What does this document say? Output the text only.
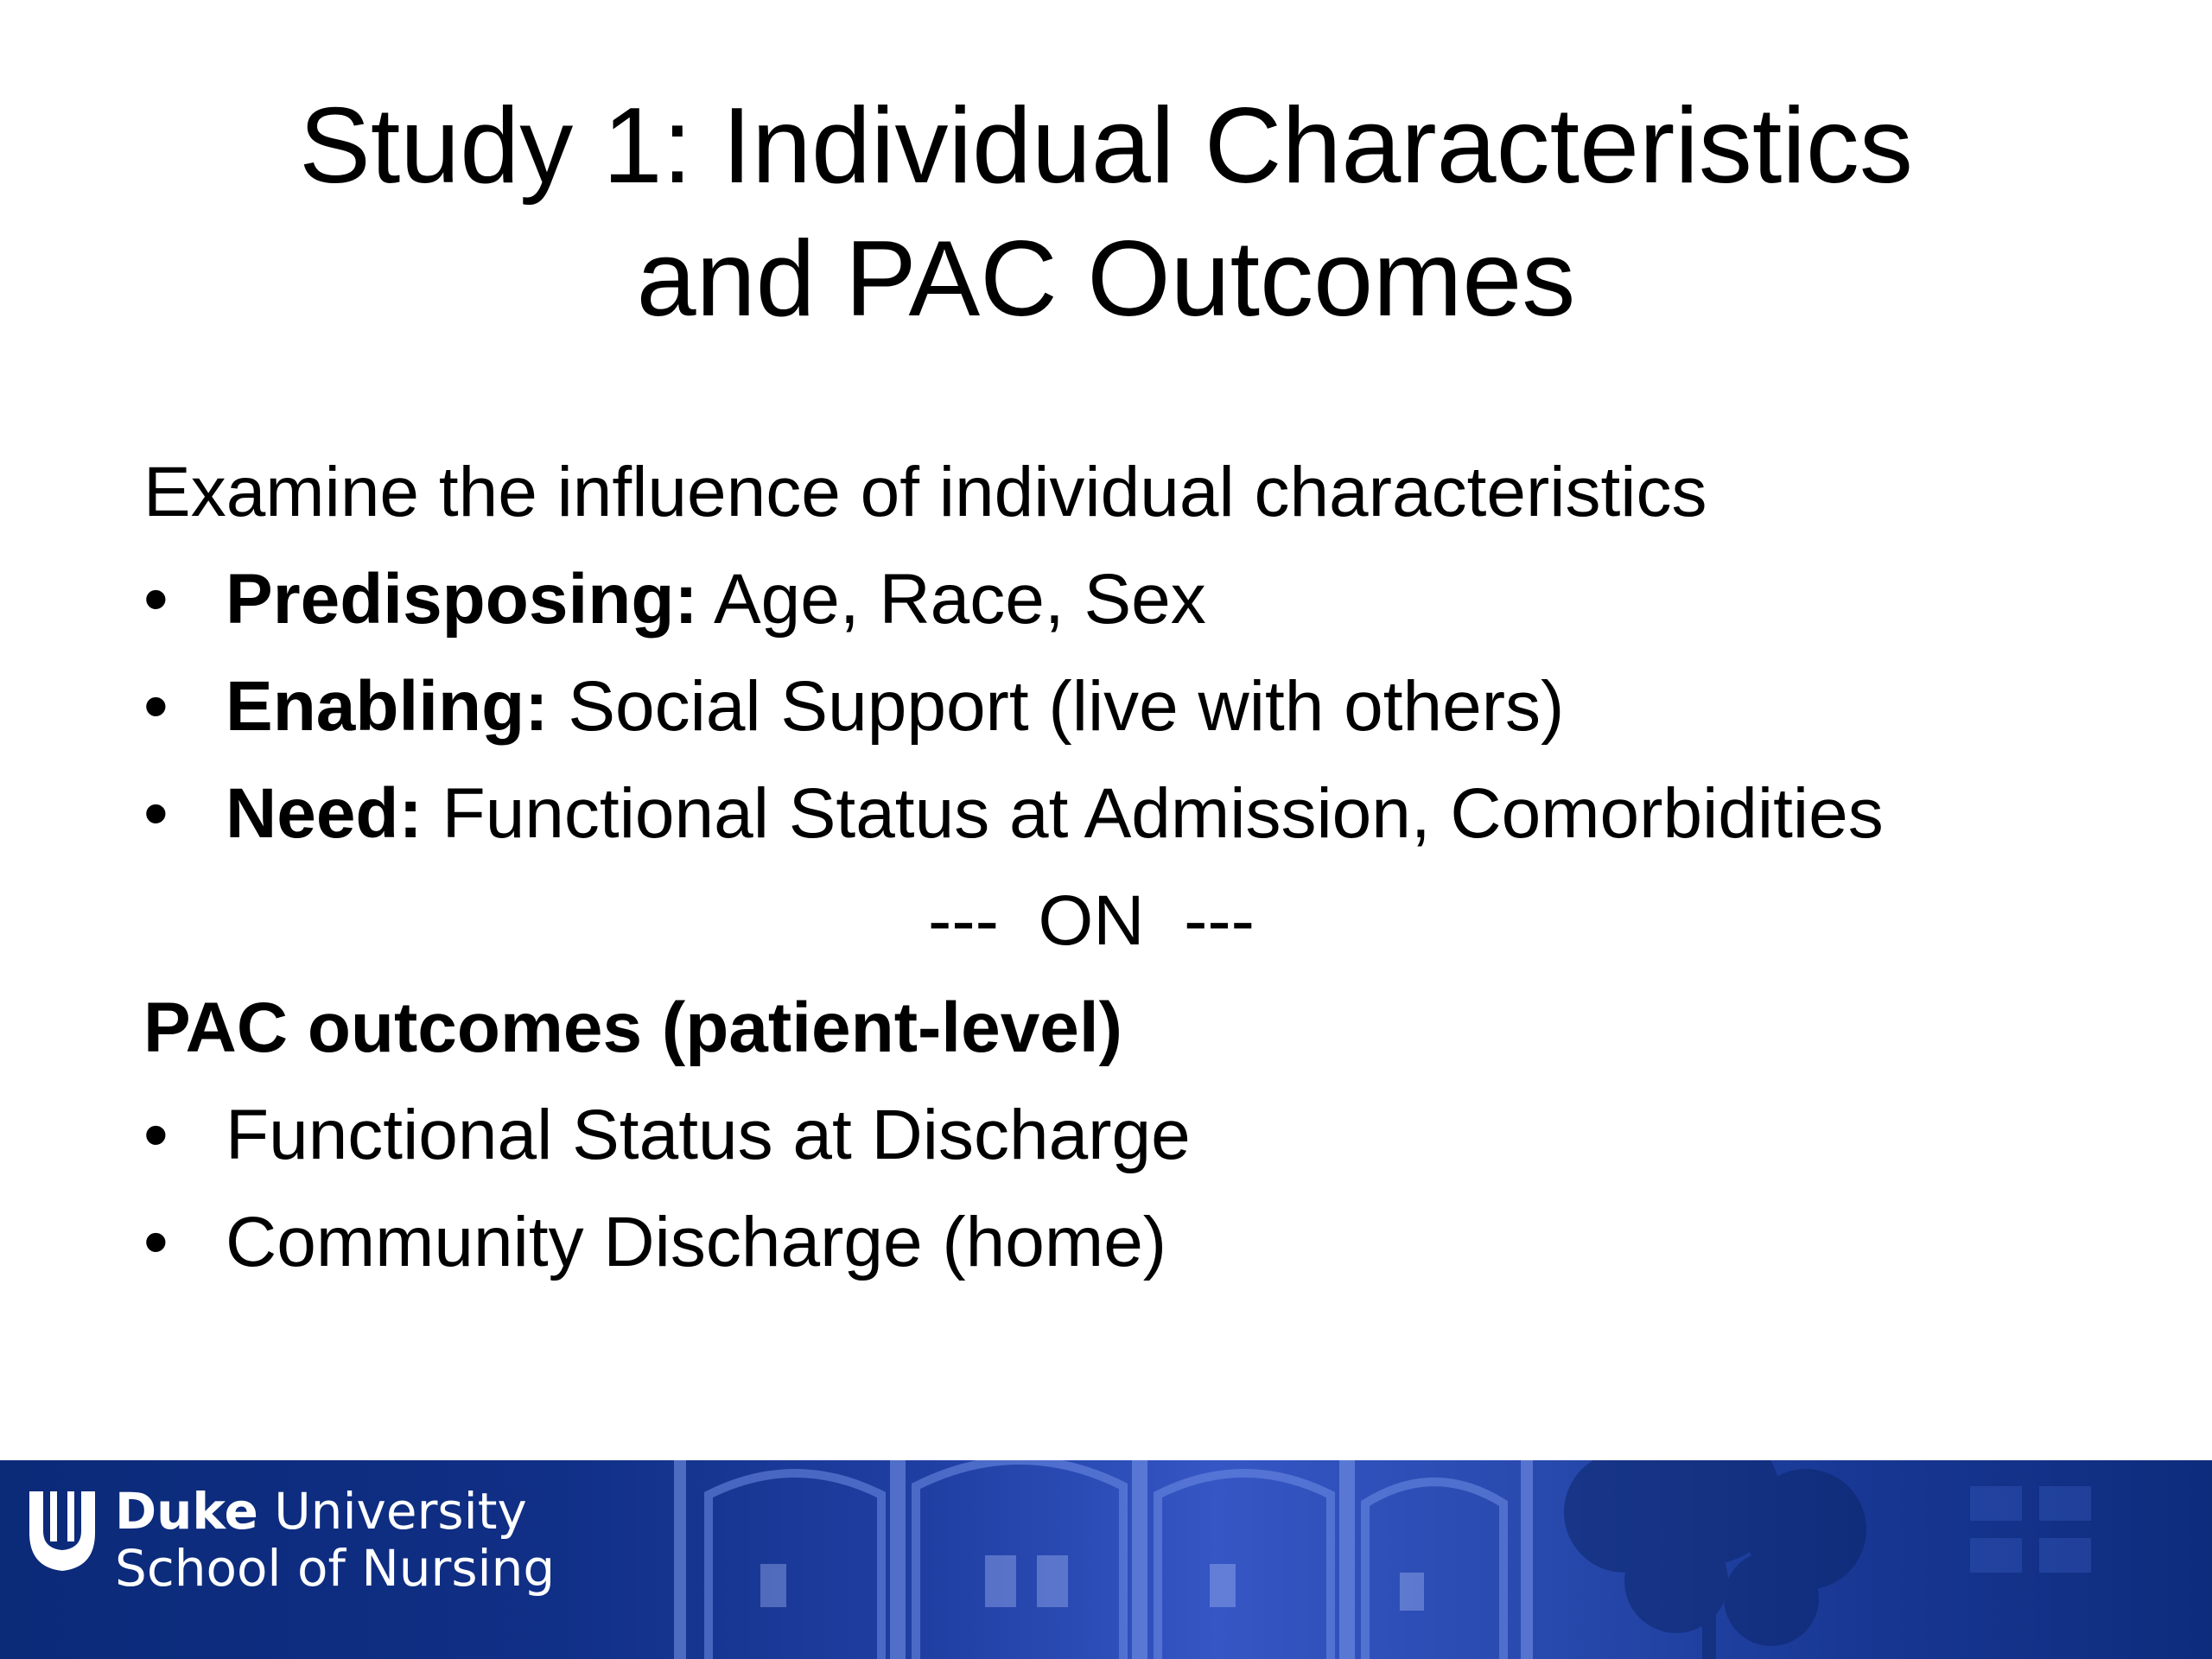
Study 1: Individual Characteristics
and PAC Outcomes
Examine the influence of individual characteristics
• Predisposing: Age, Race, Sex
• Enabling: Social Support (live with others)
• Need: Functional Status at Admission, Comorbidities
---  ON  ---
PAC outcomes (patient-level)
• Functional Status at Discharge
• Community Discharge (home)
Duke University
School of Nursing
